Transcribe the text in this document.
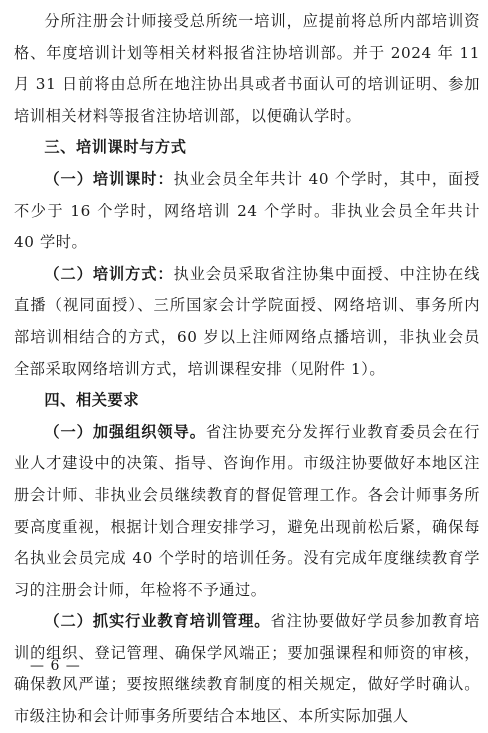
分所注册会计师接受总所统一培训，应提前将总所内部培训资格、年度培训计划等相关材料报省注协培训部。并于 2024 年 11 月 31 日前将由总所在地注协出具或者书面认可的培训证明、参加培训相关材料等报省注协培训部，以便确认学时。

三、培训课时与方式

（一）培训课时：执业会员全年共计 40 个学时，其中，面授不少于 16 个学时，网络培训 24 个学时。非执业会员全年共计 40 学时。

（二）培训方式：执业会员采取省注协集中面授、中注协在线直播（视同面授）、三所国家会计学院面授、网络培训、事务所内部培训相结合的方式，60 岁以上注师网络点播培训，非执业会员全部采取网络培训方式，培训课程安排（见附件 1）。

四、相关要求

（一）加强组织领导。省注协要充分发挥行业教育委员会在行业人才建设中的决策、指导、咨询作用。市级注协要做好本地区注册会计师、非执业会员继续教育的督促管理工作。各会计师事务所要高度重视，根据计划合理安排学习，避免出现前松后紧，确保每名执业会员完成 40 个学时的培训任务。没有完成年度继续教育学习的注册会计师，年检将不予通过。

（二）抓实行业教育培训管理。省注协要做好学员参加教育培训的组织、登记管理、确保学风端正；要加强课程和师资的审核，确保教风严谨；要按照继续教育制度的相关规定，做好学时确认。市级注协和会计师事务所要结合本地区、本所实际加强人

— 6 —
